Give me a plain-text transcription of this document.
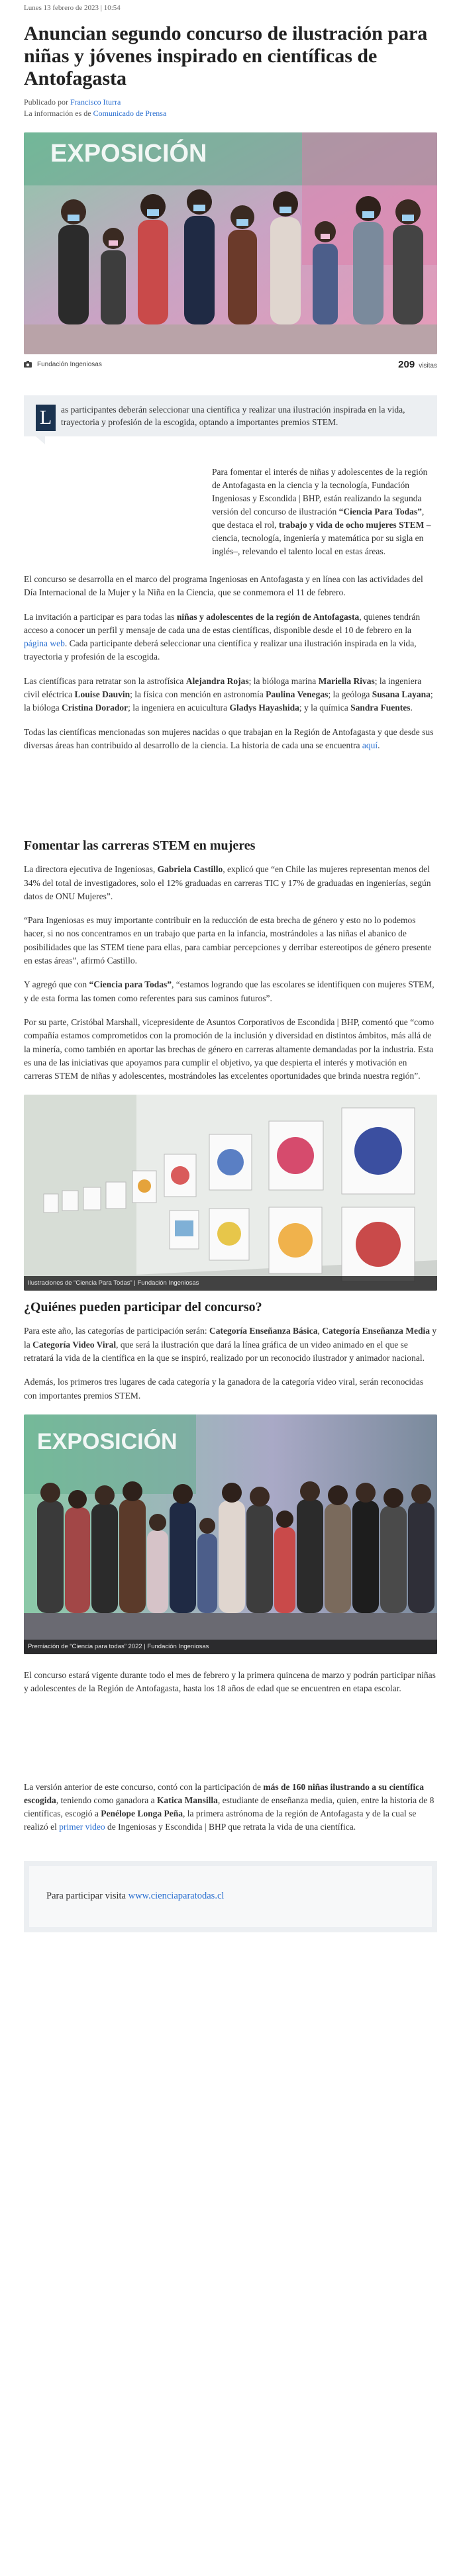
Lunes 13 febrero de 2023 | 10:54
Anuncian segundo concurso de ilustración para niñas y jóvenes inspirado en científicas de Antofagasta
Publicado por Francisco Iturra
La información es de Comunicado de Prensa
EXPOSICIÓN
Fundación Ingeniosas	209 visitas
L	as participantes deberán seleccionar una científica y realizar una ilustración inspirada en la vida, trayectoria y profesión de la escogida, optando a importantes premios STEM.

Para fomentar el interés de niñas y adolescentes de la región de Antofagasta en la ciencia y la tecnología, Fundación Ingeniosas y Escondida | BHP, están realizando la segunda versión del concurso de ilustración “Ciencia Para Todas”, que destaca el rol, trabajo y vida de ocho mujeres STEM –ciencia, tecnología, ingeniería y matemática por su sigla en inglés–, relevando el talento local en estas áreas.

El concurso se desarrolla en el marco del programa Ingeniosas en Antofagasta y en línea con las actividades del Día Internacional de la Mujer y la Niña en la Ciencia, que se conmemora el 11 de febrero.

La invitación a participar es para todas las niñas y adolescentes de la región de Antofagasta, quienes tendrán acceso a conocer un perfil y mensaje de cada una de estas científicas, disponible desde el 10 de febrero en la página web. Cada participante deberá seleccionar una científica y realizar una ilustración inspirada en la vida, trayectoria y profesión de la escogida.

Las científicas para retratar son la astrofísica Alejandra Rojas; la bióloga marina Mariella Rivas; la ingeniera civil eléctrica Louise Dauvin; la física con mención en astronomía Paulina Venegas; la geóloga Susana Layana; la bióloga Cristina Dorador; la ingeniera en acuicultura Gladys Hayashida; y la química Sandra Fuentes.

Todas las científicas mencionadas son mujeres nacidas o que trabajan en la Región de Antofagasta y que desde sus diversas áreas han contribuido al desarrollo de la ciencia. La historia de cada una se encuentra aquí.

Fomentar las carreras STEM en mujeres

La directora ejecutiva de Ingeniosas, Gabriela Castillo, explicó que “en Chile las mujeres representan menos del 34% del total de investigadores, solo el 12% graduadas en carreras TIC y 17% de graduadas en ingenierías, según datos de ONU Mujeres”.

“Para Ingeniosas es muy importante contribuir en la reducción de esta brecha de género y esto no lo podemos hacer, si no nos concentramos en un trabajo que parta en la infancia, mostrándoles a las niñas el abanico de posibilidades que las STEM tiene para ellas, para cambiar percepciones y derribar estereotipos de género presente en estas áreas”, afirmó Castillo.

Y agregó que con “Ciencia para Todas”, “estamos logrando que las escolares se identifiquen con mujeres STEM, y de esta forma las tomen como referentes para sus caminos futuros”.

Por su parte, Cristóbal Marshall, vicepresidente de Asuntos Corporativos de Escondida | BHP, comentó que “como compañía estamos comprometidos con la promoción de la inclusión y diversidad en distintos ámbitos, más allá de la minería, como también en aportar las brechas de género en carreras altamente demandadas por la industria. Esta es una de las iniciativas que apoyamos para cumplir el objetivo, ya que despierta el interés y motivación en carreras STEM de niñas y adolescentes, mostrándoles las excelentes oportunidades que brinda nuestra región”.

Ilustraciones de “Ciencia Para Todas” | Fundación Ingeniosas
¿Quiénes pueden participar del concurso?

Para este año, las categorías de participación serán: Categoría Enseñanza Básica, Categoría Enseñanza Media y la Categoría Video Viral, que será la ilustración que dará la línea gráfica de un video animado en el que se retratará la vida de la científica en la que se inspiró, realizado por un reconocido ilustrador y animador nacional.

Además, los primeros tres lugares de cada categoría y la ganadora de la categoría video viral, serán reconocidas con importantes premios STEM.

EXPOSICIÓN
Premiación de “Ciencia para todas” 2022 | Fundación Ingeniosas

El concurso estará vigente durante todo el mes de febrero y la primera quincena de marzo y podrán participar niñas y adolescentes de la Región de Antofagasta, hasta los 18 años de edad que se encuentren en etapa escolar.

La versión anterior de este concurso, contó con la participación de más de 160 niñas ilustrando a su científica escogida, teniendo como ganadora a Katica Mansilla, estudiante de enseñanza media, quien, entre la historia de 8 científicas, escogió a Penélope Longa Peña, la primera astrónoma de la región de Antofagasta y de la cual se realizó el primer video de Ingeniosas y Escondida | BHP que retrata la vida de una científica.

Para participar visita
www.cienciaparatodas.cl
